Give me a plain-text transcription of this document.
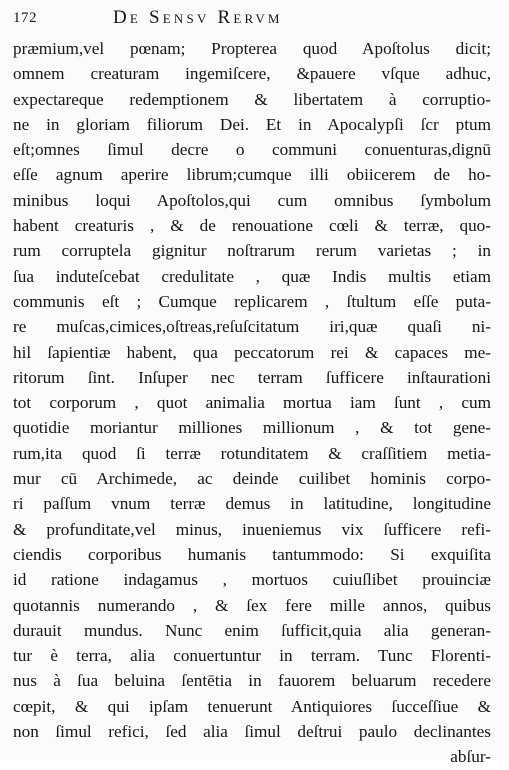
172	De Sensv Rervm
præmium,vel pœnam; Propterea quod Apoſtolus dicit;
omnem creaturam ingemiſcere, &pauere vſque adhuc,
expectareque redemptionem & libertatem à corruptio-
ne in gloriam filiorum Dei. Et in Apocalypſi ſcr ptum
eſt;omnes ſimul decre o communi conuenturas,dignū
eſſe agnum aperire librum;cumque illi obiicerem de ho-
minibus loqui Apoſtolos,qui cum omnibus ſymbolum
habent creaturis , & de renouatione cœli & terræ, quo-
rum corruptela gignitur noſtrarum rerum varietas ; in
ſua induteſcebat credulitate , quæ Indis multis etiam
communis eſt ; Cumque replicarem , ſtultum eſſe puta-
re muſcas,cimices,oſtreas,reſuſcitatum iri,quæ quaſi ni-
hil ſapientiæ habent, qua peccatorum rei & capaces me-
ritorum ſint. Inſuper nec terram ſufficere inſtaurationi
tot corporum , quot animalia mortua iam ſunt , cum
quotidie moriantur milliones millionum , & tot gene-
rum,ita quod ſi terræ rotunditatem & craſſitiem metia-
mur cū Archimede, ac deinde cuilibet hominis corpo-
ri paſſum vnum terræ demus in latitudine, longitudine
& profunditate,vel minus, inueniemus vix ſufficere refi-
ciendis corporibus humanis tantummodo: Si exquiſita
id ratione indagamus , mortuos cuiuſlibet prouinciæ
quotannis numerando , & ſex fere mille annos, quibus
durauit mundus. Nunc enim ſufficit,quia alia generan-
tur è terra, alia conuertuntur in terram. Tunc Florenti-
nus à ſua beluina ſentētia in fauorem beluarum recedere
cœpit, & qui ipſam tenuerunt Antiquiores ſucceſſiue &
non ſimul refici, ſed alia ſimul deſtrui paulo declinantes
abſur-
